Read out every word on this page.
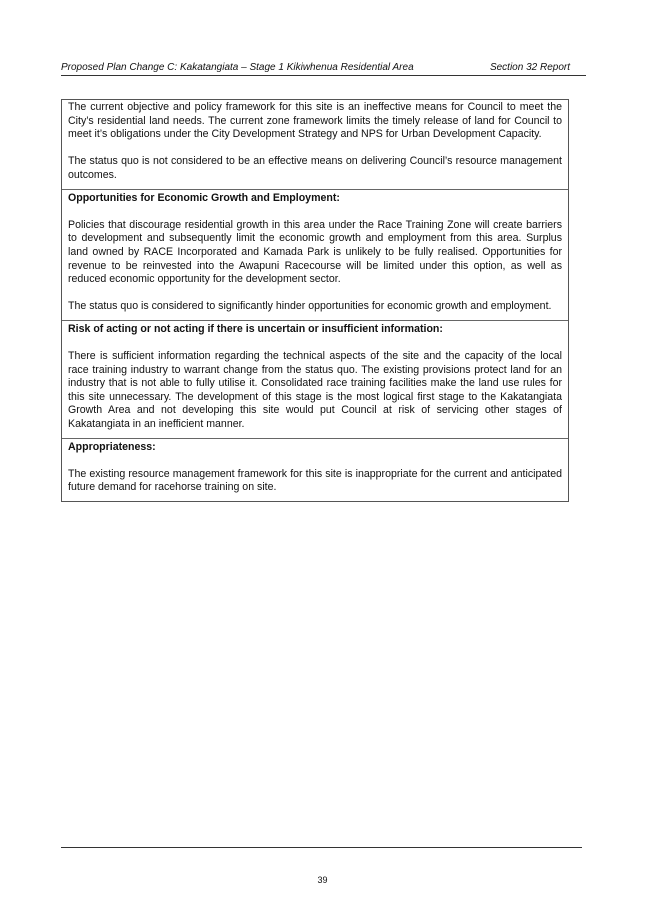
Proposed Plan Change C: Kakatangiata – Stage 1 Kikiwhenua Residential Area	Section 32 Report

The current objective and policy framework for this site is an ineffective means for Council to meet the City’s residential land needs. The current zone framework limits the timely release of land for Council to meet it’s obligations under the City Development Strategy and NPS for Urban Development Capacity.

The status quo is not considered to be an effective means on delivering Council’s resource management outcomes.

Opportunities for Economic Growth and Employment:

Policies that discourage residential growth in this area under the Race Training Zone will create barriers to development and subsequently limit the economic growth and employment from this area. Surplus land owned by RACE Incorporated and Kamada Park is unlikely to be fully realised. Opportunities for revenue to be reinvested into the Awapuni Racecourse will be limited under this option, as well as reduced economic opportunity for the development sector.

The status quo is considered to significantly hinder opportunities for economic growth and employment.

Risk of acting or not acting if there is uncertain or insufficient information:

There is sufficient information regarding the technical aspects of the site and the capacity of the local race training industry to warrant change from the status quo. The existing provisions protect land for an industry that is not able to fully utilise it. Consolidated race training facilities make the land use rules for this site unnecessary. The development of this stage is the most logical first stage to the Kakatangiata Growth Area and not developing this site would put Council at risk of servicing other stages of Kakatangiata in an inefficient manner.

Appropriateness:

The existing resource management framework for this site is inappropriate for the current and anticipated future demand for racehorse training on site.

39
